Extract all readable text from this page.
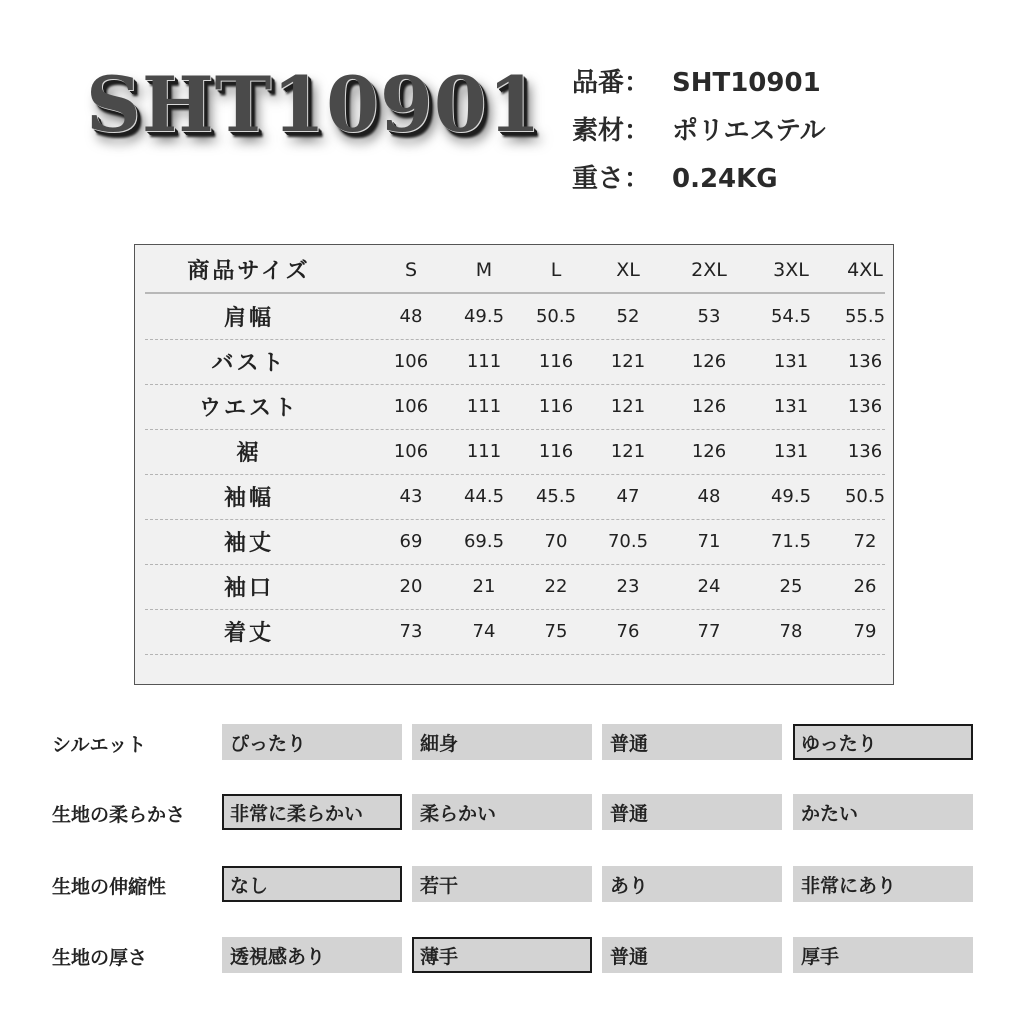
SHT10901 品番： SHT10901
素材： ポリエステル
重さ： 0.24KG
商品サイズ	S	M	L	XL	2XL	3XL	4XL
肩幅	48	49.5	50.5	52	53	54.5	55.5
バスト	106	111	116	121	126	131	136
ウエスト	106	111	116	121	126	131	136
裾	106	111	116	121	126	131	136
袖幅	43	44.5	45.5	47	48	49.5	50.5
袖丈	69	69.5	70	70.5	71	71.5	72
袖口	20	21	22	23	24	25	26
着丈	73	74	75	76	77	78	79
シルエット	ぴったり	細身	普通	ゆったり
生地の柔らかさ	非常に柔らかい	柔らかい	普通	かたい
生地の伸縮性	なし	若干	あり	非常にあり
生地の厚さ	透視感あり	薄手	普通	厚手
